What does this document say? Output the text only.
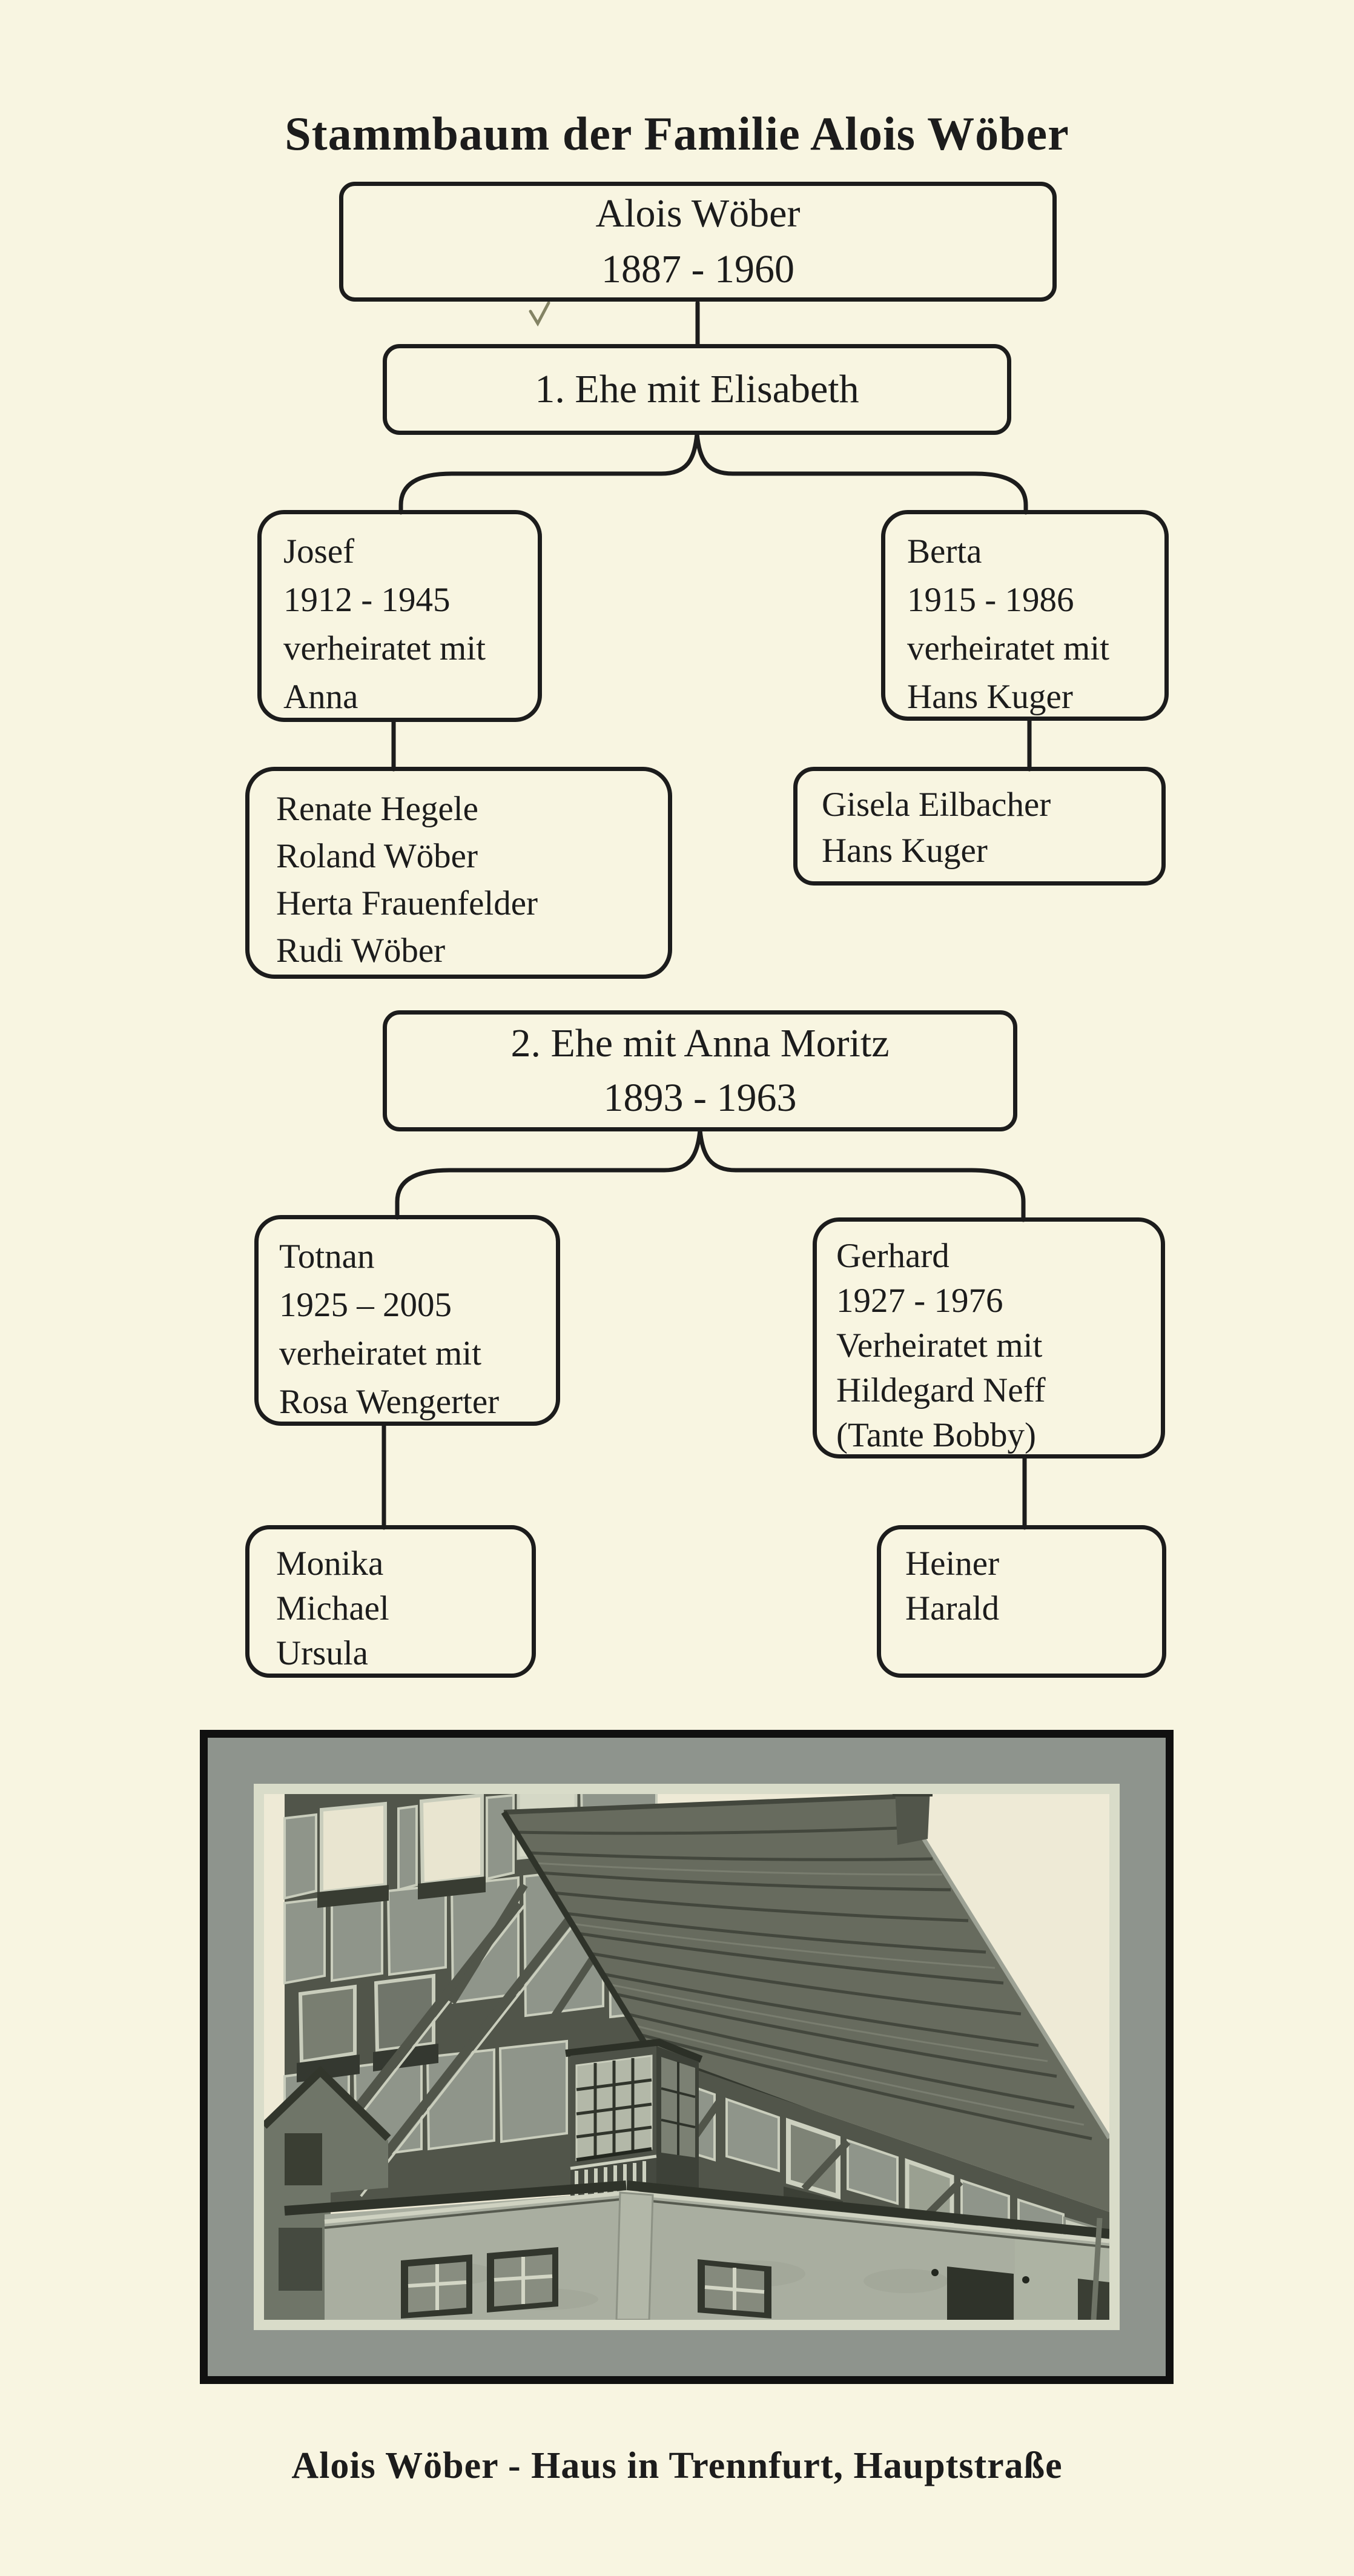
Stammbaum der Familie Alois Wöber
Alois Wöber
1887 - 1960
1. Ehe mit Elisabeth
Josef
1912 - 1945
verheiratet mit
Anna
Berta
1915 - 1986
verheiratet mit
Hans Kuger
Renate Hegele
Roland Wöber
Herta Frauenfelder
Rudi Wöber
Gisela Eilbacher
Hans Kuger
2. Ehe mit Anna Moritz
1893 - 1963
Totnan
1925 – 2005
verheiratet mit
Rosa Wengerter
Gerhard
1927 - 1976
Verheiratet mit
Hildegard Neff
(Tante Bobby)
Monika
Michael
Ursula
Heiner
Harald
Alois Wöber - Haus in Trennfurt, Hauptstraße
